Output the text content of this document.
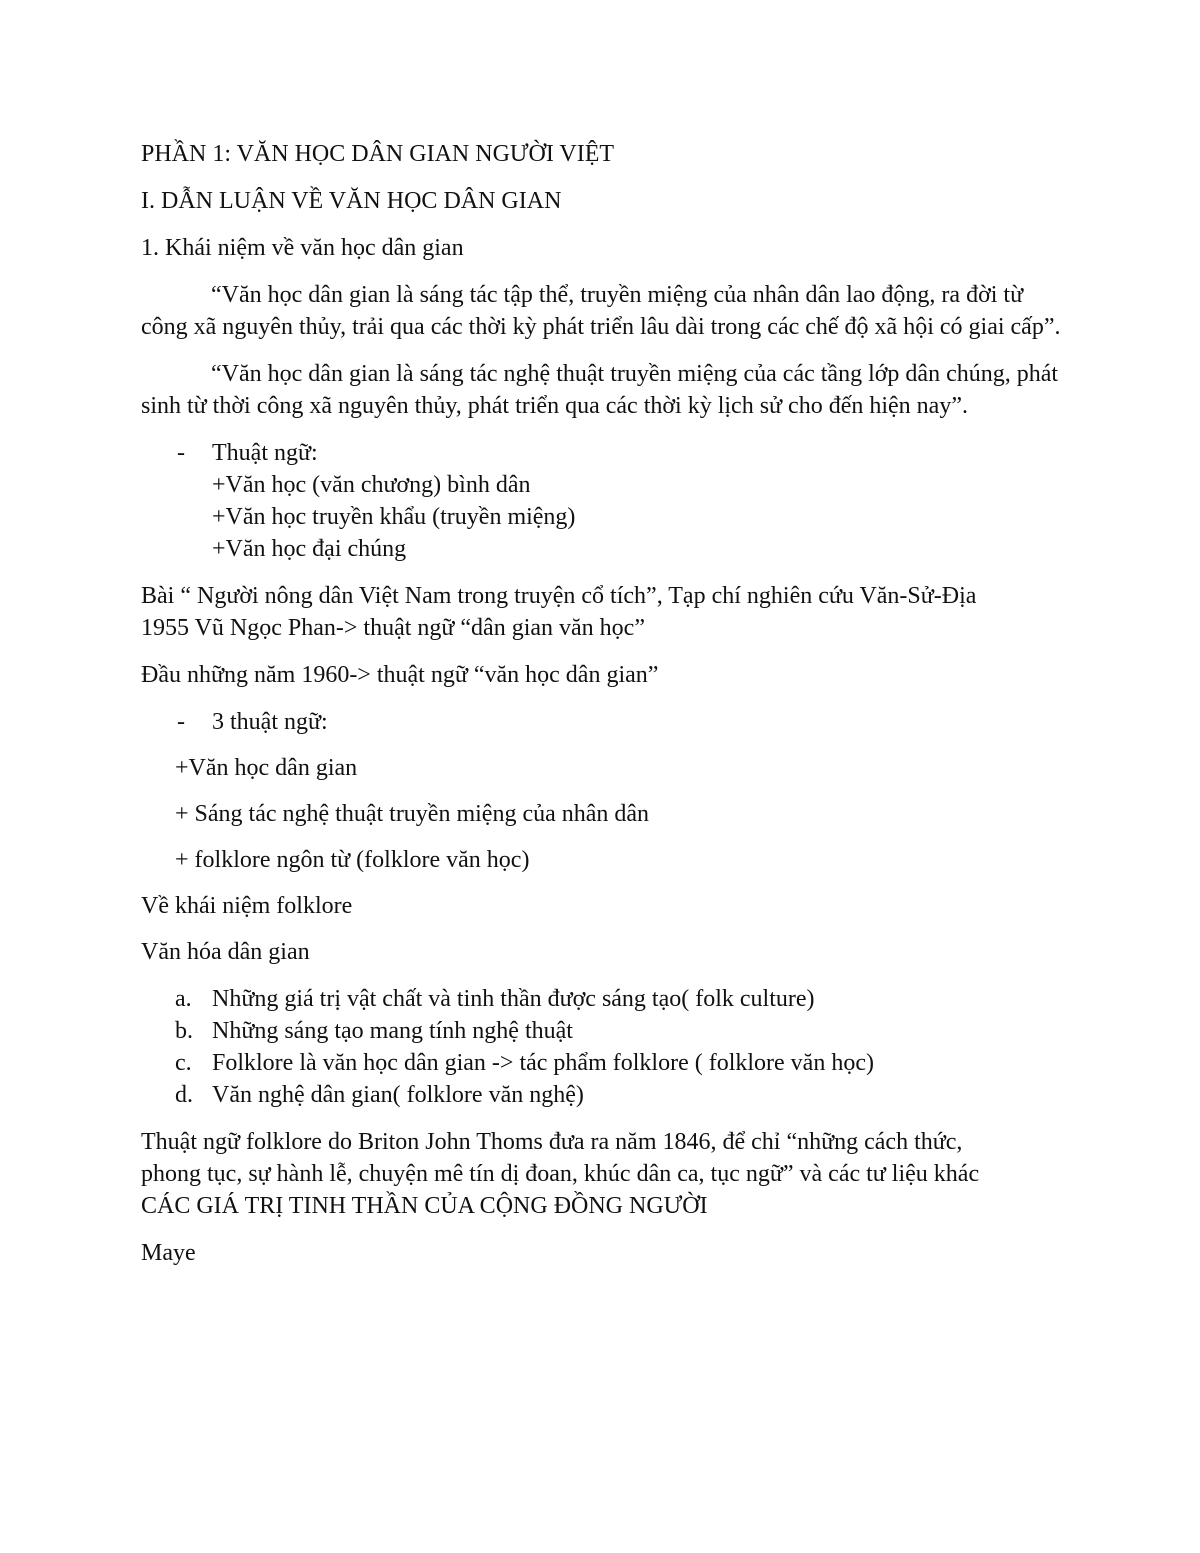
PHẦN 1: VĂN HỌC DÂN GIAN NGƯỜI VIỆT

I. DẪN LUẬN VỀ VĂN HỌC DÂN GIAN

1. Khái niệm về văn học dân gian

“Văn học dân gian là sáng tác tập thể, truyền miệng của nhân dân lao động, ra đời từ công xã nguyên thủy, trải qua các thời kỳ phát triển lâu dài trong các chế độ xã hội có giai cấp”.

“Văn học dân gian là sáng tác nghệ thuật truyền miệng của các tầng lớp dân chúng, phát sinh từ thời công xã nguyên thủy, phát triển qua các thời kỳ lịch sử cho đến hiện nay”.

- Thuật ngữ:

+Văn học (văn chương) bình dân

+Văn học truyền khẩu (truyền miệng)

+Văn học đại chúng

Bài “ Người nông dân Việt Nam trong truyện cổ tích”, Tạp chí nghiên cứu Văn-Sử-Địa

1955 Vũ Ngọc Phan-> thuật ngữ “dân gian văn học”

Đầu những năm 1960-> thuật ngữ “văn học dân gian”

- 3 thuật ngữ:

+Văn học dân gian

+ Sáng tác nghệ thuật truyền miệng của nhân dân

+ folklore ngôn từ (folklore văn học)

Về khái niệm folklore

Văn hóa dân gian

a. Những giá trị vật chất và tinh thần được sáng tạo( folk culture)

b. Những sáng tạo mang tính nghệ thuật

c. Folklore là văn học dân gian -> tác phẩm folklore ( folklore văn học)

d. Văn nghệ dân gian( folklore văn nghệ)

Thuật ngữ folklore do Briton John Thoms đưa ra năm 1846, để chỉ “những cách thức,

phong tục, sự hành lễ, chuyện mê tín dị đoan, khúc dân ca, tục ngữ” và các tư liệu khác

CÁC GIÁ TRỊ TINH THẦN CỦA CỘNG ĐỒNG NGƯỜI

Maye
